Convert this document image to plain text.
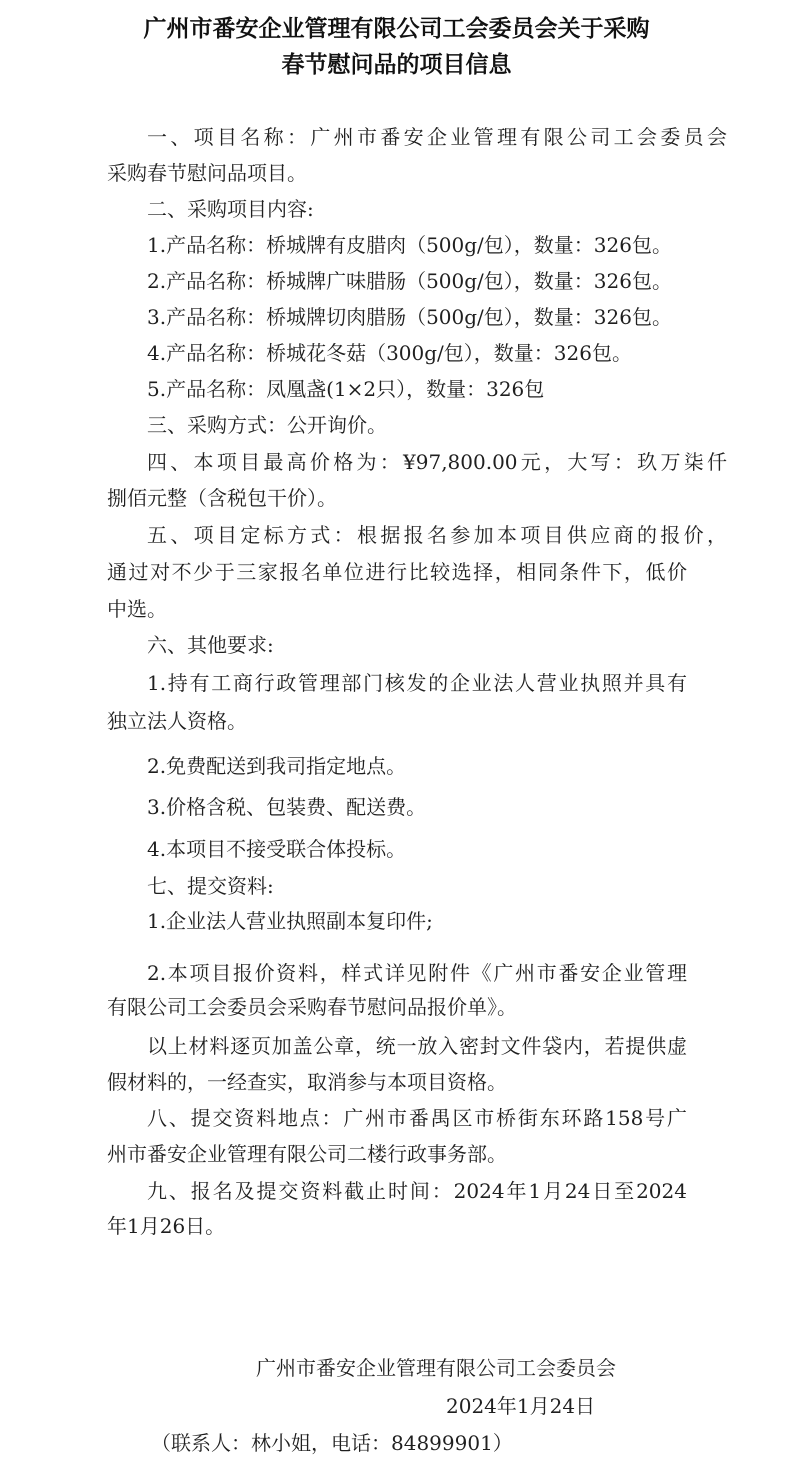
广州市番安企业管理有限公司工会委员会关于采购
春节慰问品的项目信息
一、项目名称：广州市番安企业管理有限公司工会委员会
采购春节慰问品项目。
二、采购项目内容:
1.产品名称：桥城牌有皮腊肉（500g/包），数量：326包。
2.产品名称：桥城牌广味腊肠（500g/包），数量：326包。
3.产品名称：桥城牌切肉腊肠（500g/包），数量：326包。
4.产品名称：桥城花冬菇（300g/包），数量：326包。
5.产品名称：凤凰盏(1×2只），数量：326包
三、采购方式：公开询价。
四、本项目最高价格为：¥97,800.00元，大写：玖万柒仟
捌佰元整（含税包干价）。
五、项目定标方式：根据报名参加本项目供应商的报价，
通过对不少于三家报名单位进行比较选择，相同条件下，低价
中选。
六、其他要求:
1.持有工商行政管理部门核发的企业法人营业执照并具有
独立法人资格。
2.免费配送到我司指定地点。
3.价格含税、包装费、配送费。
4.本项目不接受联合体投标。
七、提交资料:
1.企业法人营业执照副本复印件;
2.本项目报价资料，样式详见附件《广州市番安企业管理
有限公司工会委员会采购春节慰问品报价单》。
以上材料逐页加盖公章，统一放入密封文件袋内，若提供虚
假材料的，一经查实，取消参与本项目资格。
八、提交资料地点：广州市番禺区市桥街东环路158号广
州市番安企业管理有限公司二楼行政事务部。
九、报名及提交资料截止时间：2024年1月24日至2024
年1月26日。
广州市番安企业管理有限公司工会委员会
2024年1月24日
（联系人：林小姐，电话：84899901）
